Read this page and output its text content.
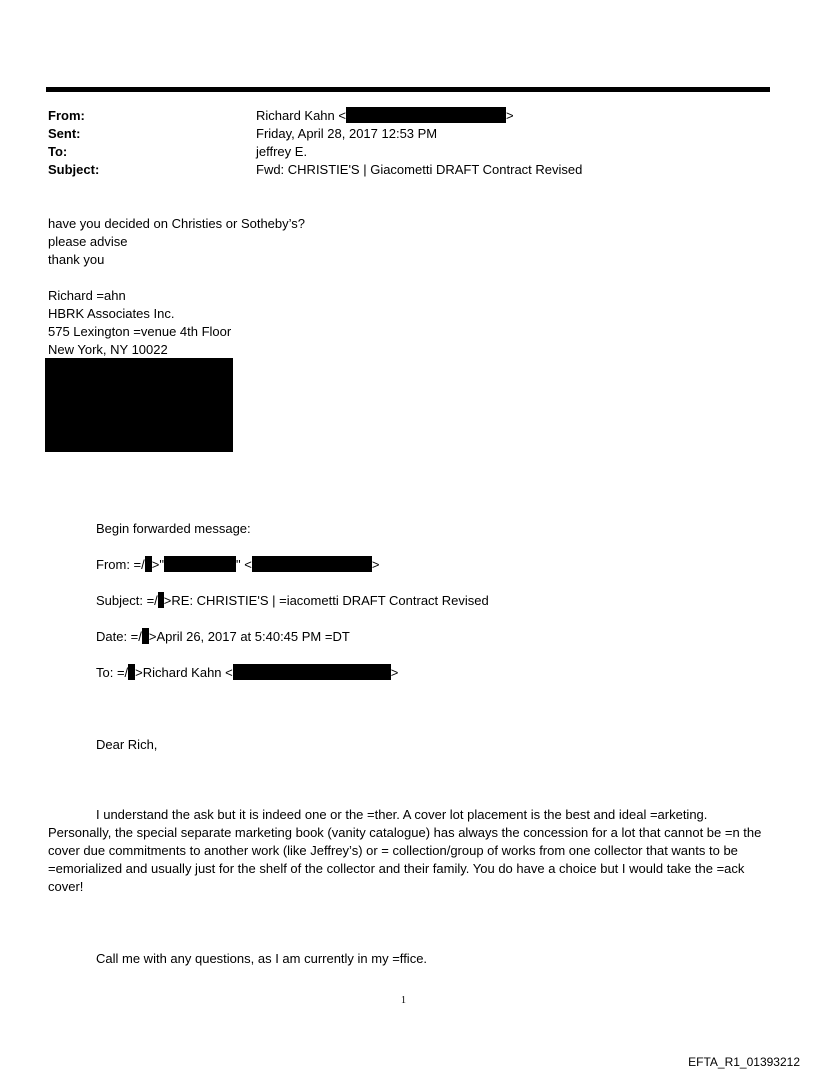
From:	Richard Kahn <	>
Sent:	Friday, April 28, 2017 12:53 PM
To:	jeffrey E.
Subject:	Fwd: CHRISTIE'S | Giacometti DRAFT Contract Revised
have you decided on Christies or Sotheby’s?
please advise
thank you
Richard =ahn
HBRK Associates Inc.
575 Lexington =venue 4th Floor
New York, NY 10022
Begin forwarded message:
From: =/ >"	" <	>
Subject: =/ >RE: CHRISTIE'S | =iacometti DRAFT Contract Revised
Date: =/ >April 26, 2017 at 5:40:45 PM =DT
To: =/ >Richard Kahn <	>
Dear Rich,
I understand the ask but it is indeed one or the =ther. A cover lot placement is the best and ideal =arketing. Personally, the special separate marketing book (vanity catalogue) has always the concession for a lot that cannot be =n the cover due commitments to another work (like Jeffrey’s) or = collection/group of works from one collector that wants to be =emorialized and usually just for the shelf of the collector and their family. You do have a choice but I would take the =ack cover!
Call me with any questions, as I am currently in my =ffice.
1
EFTA_R1_01393212
